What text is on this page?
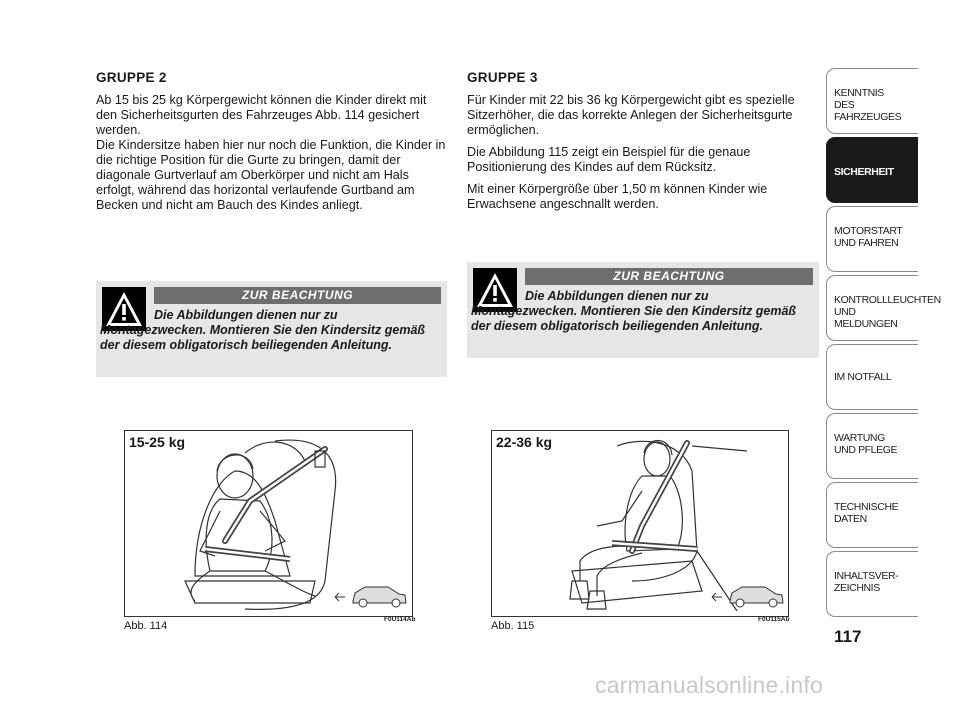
GRUPPE 2

Ab 15 bis 25 kg Körpergewicht können die Kinder direkt mit den Sicherheitsgurten des Fahrzeuges Abb. 114 gesichert werden.

Die Kindersitze haben hier nur noch die Funktion, die Kinder in die richtige Position für die Gurte zu bringen, damit der diagonale Gurtverlauf am Oberkörper und nicht am Hals erfolgt, während das horizontal verlaufende Gurtband am Becken und nicht am Bauch des Kindes anliegt.

GRUPPE 3

Für Kinder mit 22 bis 36 kg Körpergewicht gibt es spezielle Sitzerhöher, die das korrekte Anlegen der Sicherheitsgurte ermöglichen.

Die Abbildung 115 zeigt ein Beispiel für die genaue Positionierung des Kindes auf dem Rücksitz.

Mit einer Körpergröße über 1,50 m können Kinder wie Erwachsene angeschnallt werden.

ZUR BEACHTUNG
Die Abbildungen dienen nur zu Montagezwecken. Montieren Sie den Kindersitz gemäß der diesem obligatorisch beiliegenden Anleitung.
ZUR BEACHTUNG
Die Abbildungen dienen nur zu Montagezwecken. Montieren Sie den Kindersitz gemäß der diesem obligatorisch beiliegenden Anleitung.
15-25 kg
Abb. 114
F0U114Ab
22-36 kg
Abb. 115
F0U115Ab
KENNTNIS
DES FAHRZEUGES
SICHERHEIT
MOTORSTART
UND FAHREN
KONTROLLLEUCHTEN
UND MELDUNGEN
IM NOTFALL
WARTUNG
UND PFLEGE
TECHNISCHE
DATEN
INHALTSVER-
ZEICHNIS
117
carmanualsonline.info
